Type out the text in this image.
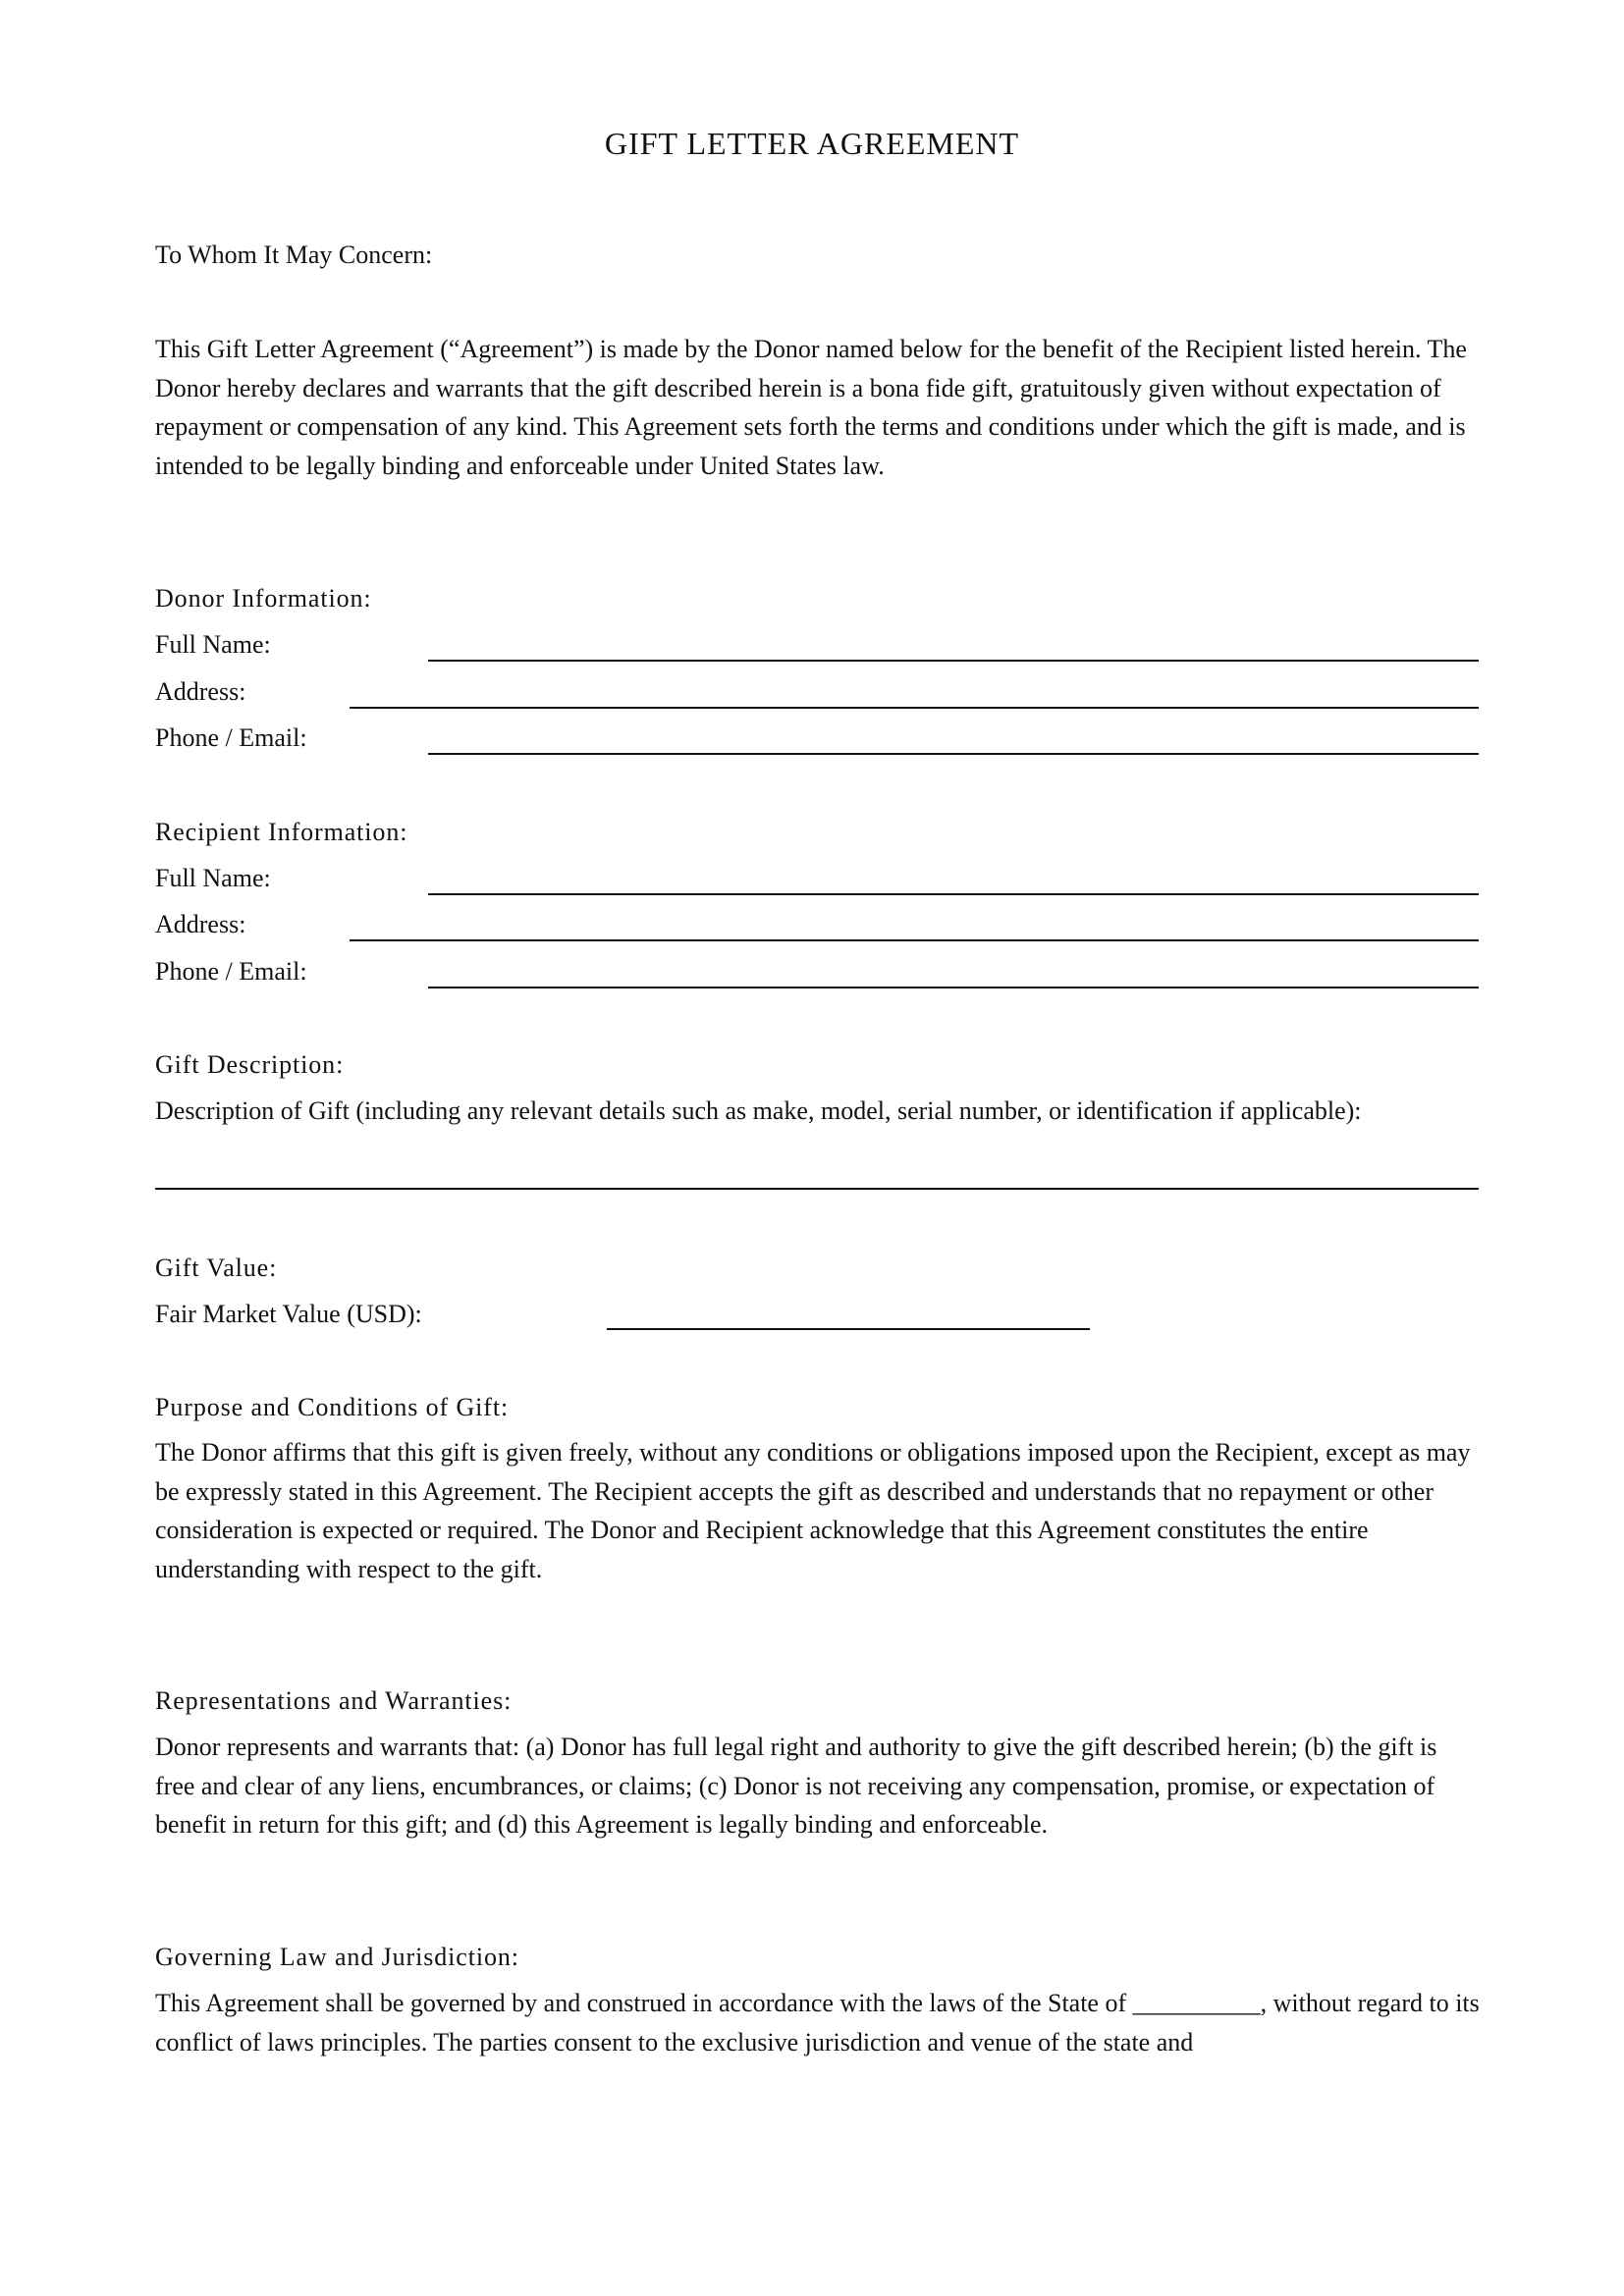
GIFT LETTER AGREEMENT
To Whom It May Concern:
This Gift Letter Agreement (“Agreement”) is made by the Donor named below for the benefit of the Recipient listed herein. The Donor hereby declares and warrants that the gift described herein is a bona fide gift, gratuitously given without expectation of repayment or compensation of any kind. This Agreement sets forth the terms and conditions under which the gift is made, and is intended to be legally binding and enforceable under United States law.
Donor Information:
Full Name:
Address:
Phone / Email:
Recipient Information:
Full Name:
Address:
Phone / Email:
Gift Description:
Description of Gift (including any relevant details such as make, model, serial number, or identification if applicable):
Gift Value:
Fair Market Value (USD):
Purpose and Conditions of Gift:
The Donor affirms that this gift is given freely, without any conditions or obligations imposed upon the Recipient, except as may be expressly stated in this Agreement. The Recipient accepts the gift as described and understands that no repayment or other consideration is expected or required. The Donor and Recipient acknowledge that this Agreement constitutes the entire understanding with respect to the gift.
Representations and Warranties:
Donor represents and warrants that: (a) Donor has full legal right and authority to give the gift described herein; (b) the gift is free and clear of any liens, encumbrances, or claims; (c) Donor is not receiving any compensation, promise, or expectation of benefit in return for this gift; and (d) this Agreement is legally binding and enforceable.
Governing Law and Jurisdiction:
This Agreement shall be governed by and construed in accordance with the laws of the State of __________, without regard to its conflict of laws principles. The parties consent to the exclusive jurisdiction and venue of the state and
